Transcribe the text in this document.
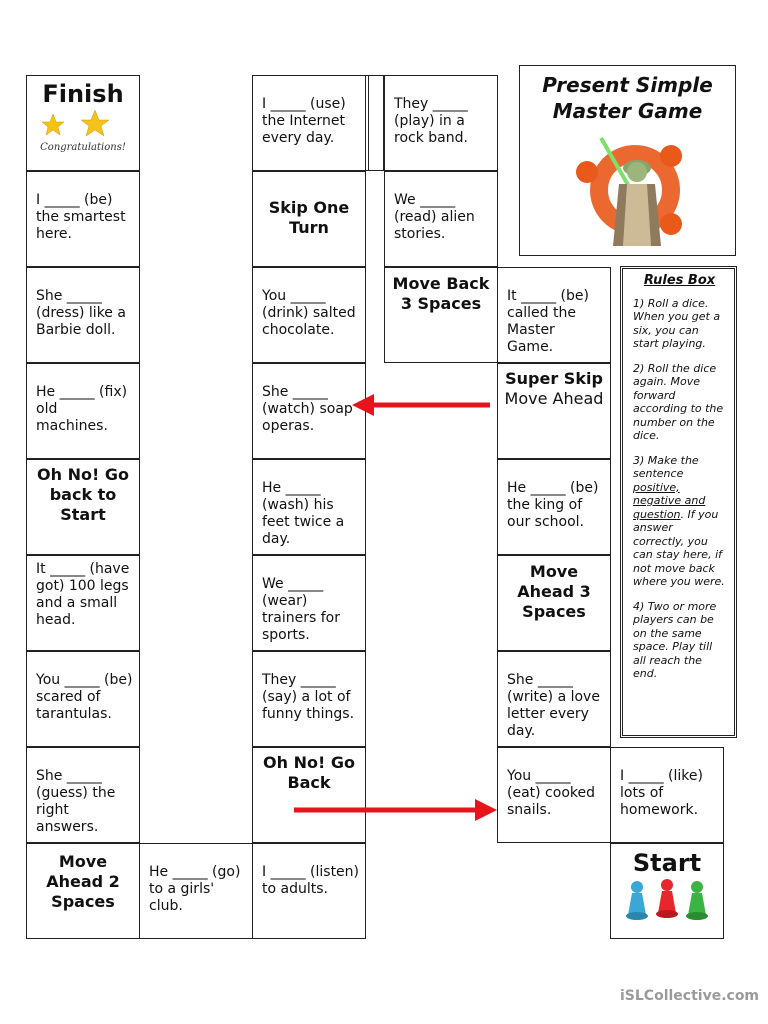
Present Simple
Master Game
Rules Box

1) Roll a dice. When you get a six, you can start playing.

2) Roll the dice again. Move forward according to the number on the dice.

3) Make the sentence positive, negative and question. If you answer correctly, you can stay here, if not move back where you were.

4) Two or more players can be on the same space. Play till all reach the end.

Finish
Congratulations!
I _____ (be) the smartest here.
She _____ (dress) like a Barbie doll.
He _____ (fix) old machines.
Oh No! Go back to Start
It _____ (have got) 100 legs and a small head.
You _____ (be) scared of tarantulas.
She _____ (guess) the right answers.
Move Ahead 2 Spaces
He _____ (go) to a girls' club.
I _____ (use) the Internet every day.
Skip One Turn
You _____ (drink) salted chocolate.
She _____ (watch) soap operas.
He _____ (wash) his feet twice a day.
We _____ (wear) trainers for sports.
They _____ (say) a lot of funny things.
Oh No! Go Back
I _____ (listen) to adults.
They _____ (play) in a rock band.
We _____ (read) alien stories.
Move Back 3 Spaces	It _____ (be) called the Master Game.
Super Skip
Move Ahead
He _____ (be) the king of our school.
Move Ahead 3 Spaces
She _____ (write) a love letter every day.
You _____ (eat) cooked snails.
I _____ (like) lots of homework.
Start
iSLCollective.com
